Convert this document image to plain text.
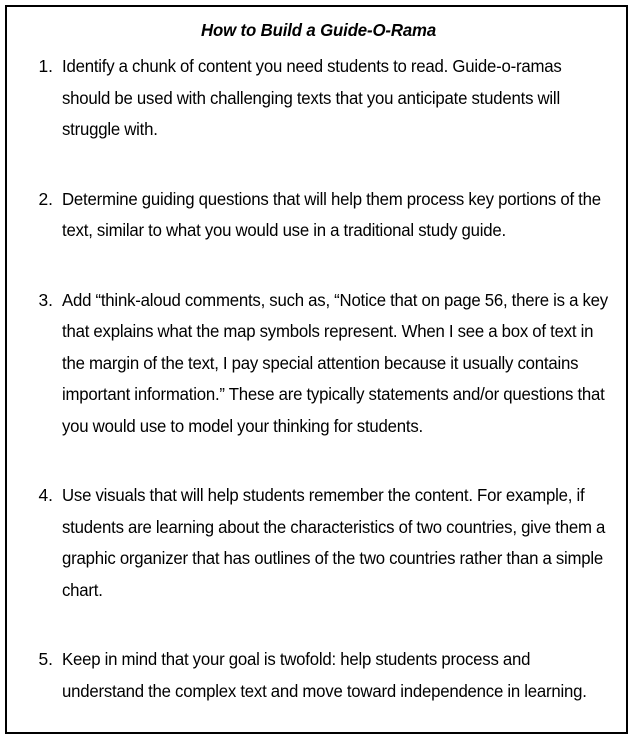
How to Build a Guide-O-Rama
1. Identify a chunk of content you need students to read. Guide-o-ramas should be used with challenging texts that you anticipate students will struggle with.
2. Determine guiding questions that will help them process key portions of the text, similar to what you would use in a traditional study guide.
3. Add “think-aloud comments, such as, “Notice that on page 56, there is a key that explains what the map symbols represent. When I see a box of text in the margin of the text, I pay special attention because it usually contains important information.” These are typically statements and/or questions that you would use to model your thinking for students.
4. Use visuals that will help students remember the content. For example, if students are learning about the characteristics of two countries, give them a graphic organizer that has outlines of the two countries rather than a simple chart.
5. Keep in mind that your goal is twofold: help students process and understand the complex text and move toward independence in learning.
